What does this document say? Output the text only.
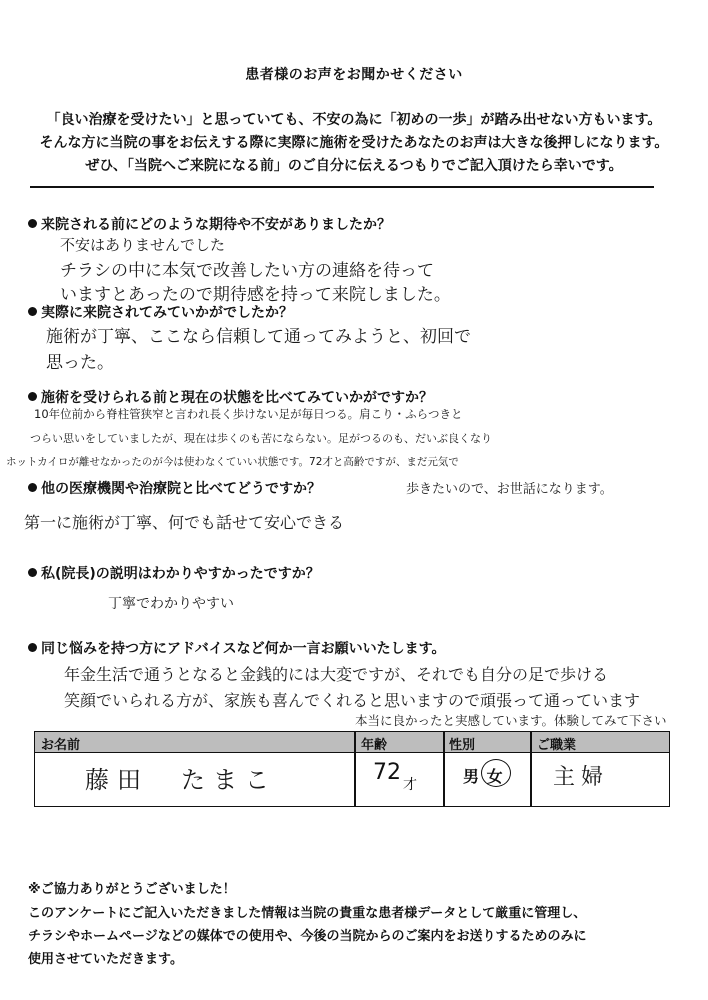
患者様のお声をお聞かせください
「良い治療を受けたい」と思っていても、不安の為に「初めの一歩」が踏み出せない方もいます。
そんな方に当院の事をお伝えする際に実際に施術を受けたあなたのお声は大きな後押しになります。
ぜひ、「当院へご来院になる前」のご自分に伝えるつもりでご記入頂けたら幸いです。
来院される前にどのような期待や不安がありましたか？
不安はありませんでした
チラシの中に本気で改善したい方の連絡を待って
いますとあったので期待感を持って来院しました。
実際に来院されてみていかがでしたか？
施術が丁寧、ここなら信頼して通ってみようと、初回で
思った。
施術を受けられる前と現在の状態を比べてみていかがですか？
10年位前から脊柱管狭窄と言われ長く歩けない足が毎日つる。肩こり・ふらつきと
つらい思いをしていましたが、現在は歩くのも苦にならない。足がつるのも、だいぶ良くなり
ホットカイロが離せなかったのが今は使わなくていい状態です。72才と高齢ですが、まだ元気で
他の医療機関や治療院と比べてどうですか？	歩きたいので、お世話になります。
第一に施術が丁寧、何でも話せて安心できる
私(院長)の説明はわかりやすかったですか？
丁寧でわかりやすい
同じ悩みを持つ方にアドバイスなど何か一言お願いいたします。
年金生活で通うとなると金銭的には大変ですが、それでも自分の足で歩ける
笑顔でいられる方が、家族も喜んでくれると思いますので頑張って通っています
本当に良かったと実感しています。体験してみて下さい
お名前	年齢	性別	ご職業
藤田　たまこ	72 $_才$	男 女 主婦
※ご協力ありがとうございました！
このアンケートにご記入いただきました情報は当院の貴重な患者様データとして厳重に管理し、
チラシやホームページなどの媒体での使用や、今後の当院からのご案内をお送りするためのみに
使用させていただきます。
